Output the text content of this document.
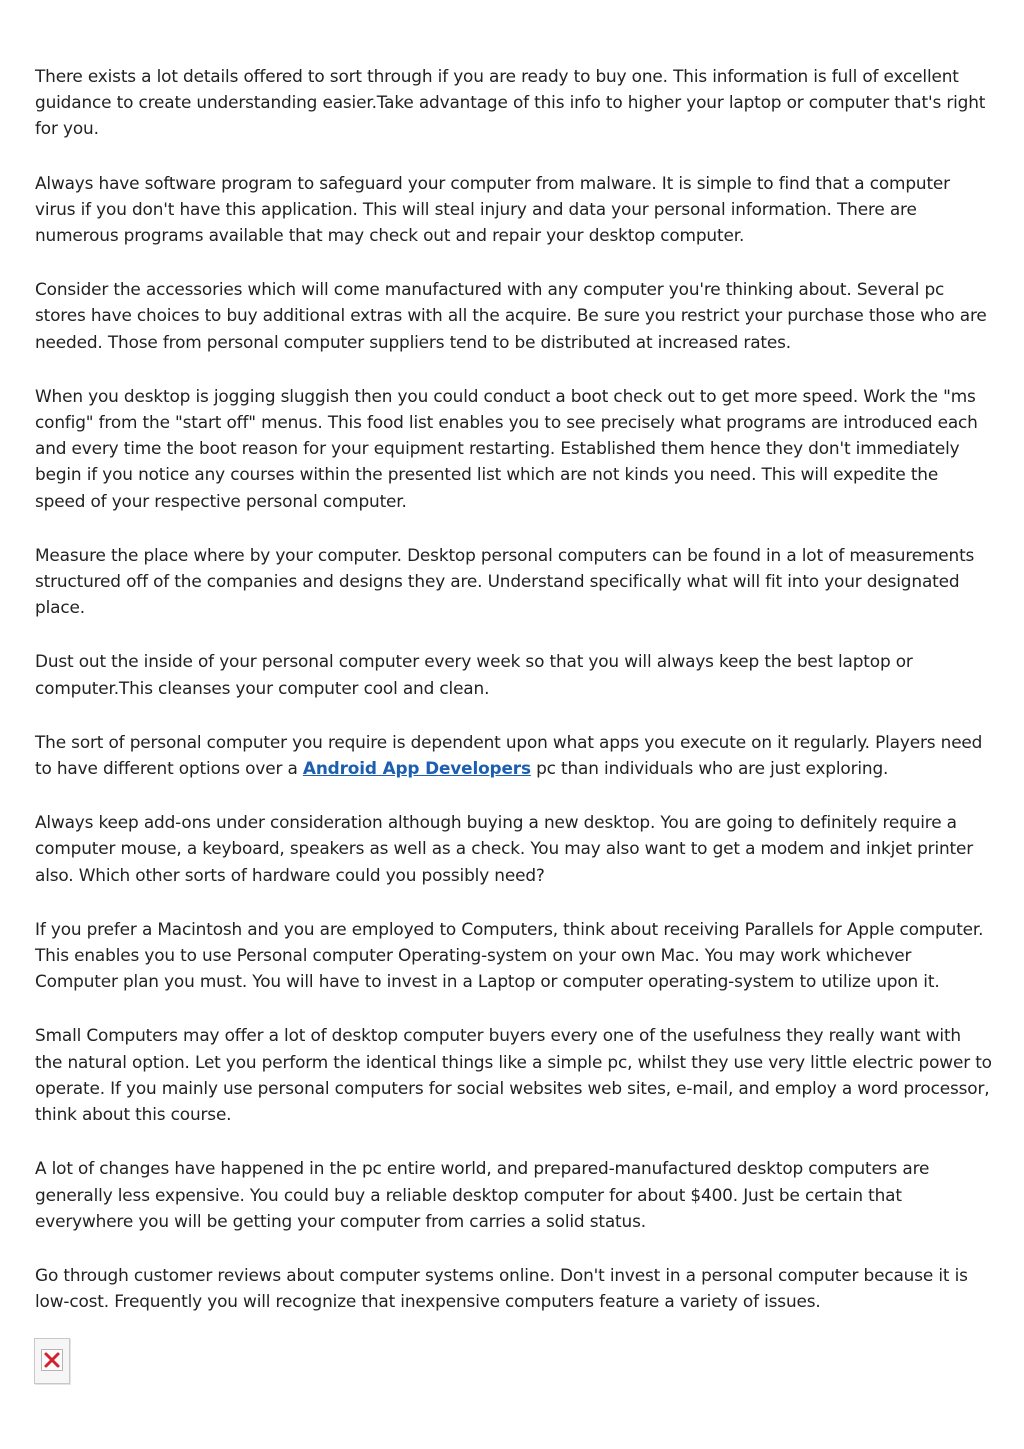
There exists a lot details offered to sort through if you are ready to buy one. This information is full of excellent guidance to create understanding easier.Take advantage of this info to higher your laptop or computer that's right for you.

Always have software program to safeguard your computer from malware. It is simple to find that a computer virus if you don't have this application. This will steal injury and data your personal information. There are numerous programs available that may check out and repair your desktop computer.

Consider the accessories which will come manufactured with any computer you're thinking about. Several pc stores have choices to buy additional extras with all the acquire. Be sure you restrict your purchase those who are needed. Those from personal computer suppliers tend to be distributed at increased rates.

When you desktop is jogging sluggish then you could conduct a boot check out to get more speed. Work the "ms config" from the "start off" menus. This food list enables you to see precisely what programs are introduced each and every time the boot reason for your equipment restarting. Established them hence they don't immediately begin if you notice any courses within the presented list which are not kinds you need. This will expedite the speed of your respective personal computer.

Measure the place where by your computer. Desktop personal computers can be found in a lot of measurements structured off of the companies and designs they are. Understand specifically what will fit into your designated place.

Dust out the inside of your personal computer every week so that you will always keep the best laptop or computer.This cleanses your computer cool and clean.

The sort of personal computer you require is dependent upon what apps you execute on it regularly. Players need to have different options over a Android App Developers pc than individuals who are just exploring.

Always keep add-ons under consideration although buying a new desktop. You are going to definitely require a computer mouse, a keyboard, speakers as well as a check. You may also want to get a modem and inkjet printer also. Which other sorts of hardware could you possibly need?

If you prefer a Macintosh and you are employed to Computers, think about receiving Parallels for Apple computer. This enables you to use Personal computer Operating-system on your own Mac. You may work whichever Computer plan you must. You will have to invest in a Laptop or computer operating-system to utilize upon it.

Small Computers may offer a lot of desktop computer buyers every one of the usefulness they really want with the natural option. Let you perform the identical things like a simple pc, whilst they use very little electric power to operate. If you mainly use personal computers for social websites web sites, e-mail, and employ a word processor, think about this course.

A lot of changes have happened in the pc entire world, and prepared-manufactured desktop computers are generally less expensive. You could buy a reliable desktop computer for about $400. Just be certain that everywhere you will be getting your computer from carries a solid status.

Go through customer reviews about computer systems online. Don't invest in a personal computer because it is low-cost. Frequently you will recognize that inexpensive computers feature a variety of issues.
